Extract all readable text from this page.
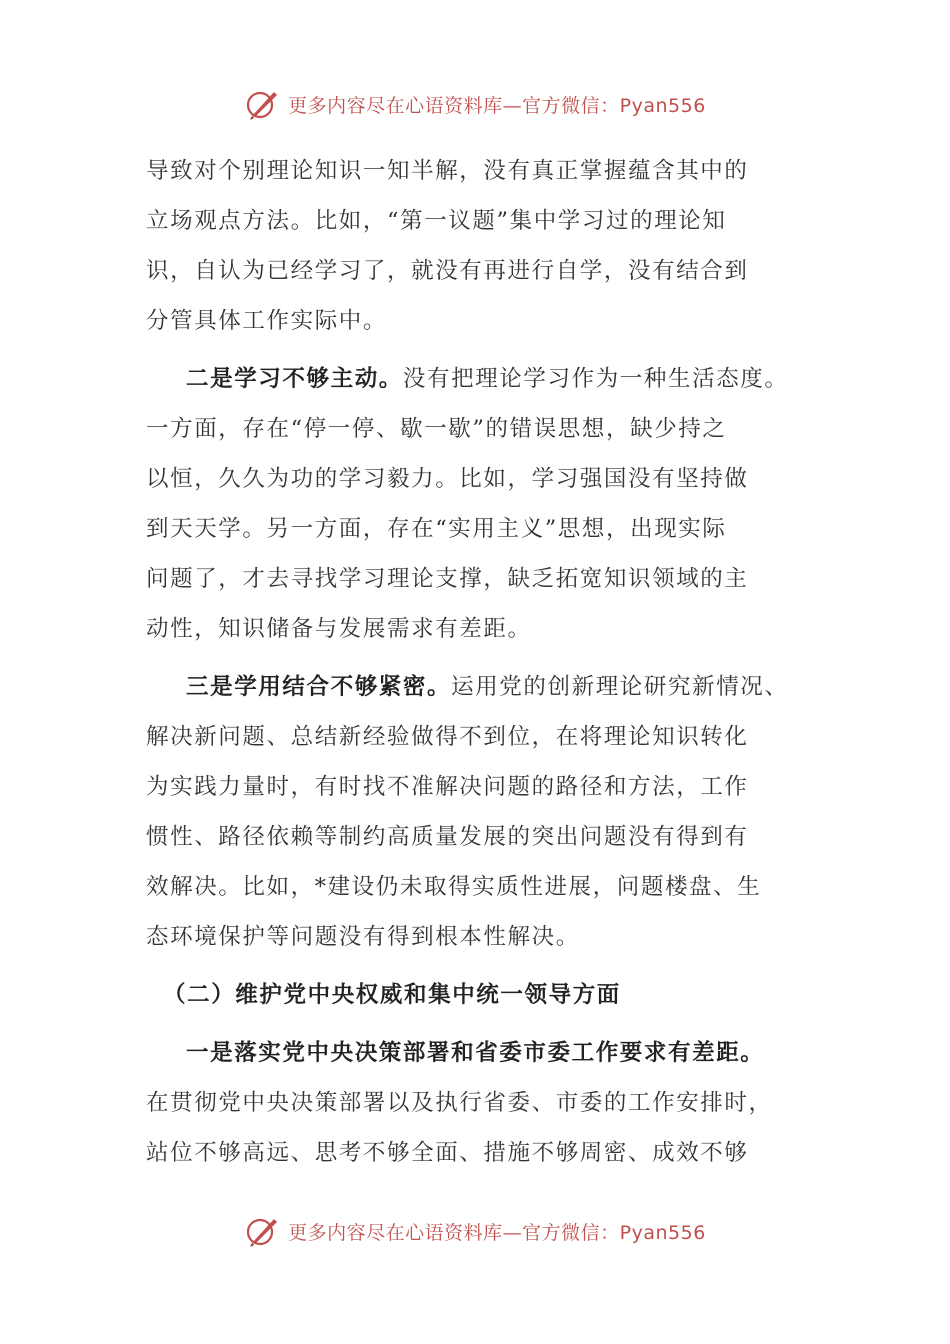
更多内容尽在心语资料库—官方微信：Pyan556
导致对个别理论知识一知半解，没有真正掌握蕴含其中的
立场观点方法。比如，“第一议题”集中学习过的理论知
识，自认为已经学习了，就没有再进行自学，没有结合到
分管具体工作实际中。
二是学习不够主动。没有把理论学习作为一种生活态度。
一方面，存在“停一停、歇一歇”的错误思想，缺少持之
以恒，久久为功的学习毅力。比如，学习强国没有坚持做
到天天学。另一方面，存在“实用主义”思想，出现实际
问题了，才去寻找学习理论支撑，缺乏拓宽知识领域的主
动性，知识储备与发展需求有差距。
三是学用结合不够紧密。运用党的创新理论研究新情况、
解决新问题、总结新经验做得不到位，在将理论知识转化
为实践力量时，有时找不准解决问题的路径和方法，工作
惯性、路径依赖等制约高质量发展的突出问题没有得到有
效解决。比如，*建设仍未取得实质性进展，问题楼盘、生
态环境保护等问题没有得到根本性解决。
（二）维护党中央权威和集中统一领导方面
一是落实党中央决策部署和省委市委工作要求有差距。
在贯彻党中央决策部署以及执行省委、市委的工作安排时，
站位不够高远、思考不够全面、措施不够周密、成效不够
更多内容尽在心语资料库—官方微信：Pyan556
